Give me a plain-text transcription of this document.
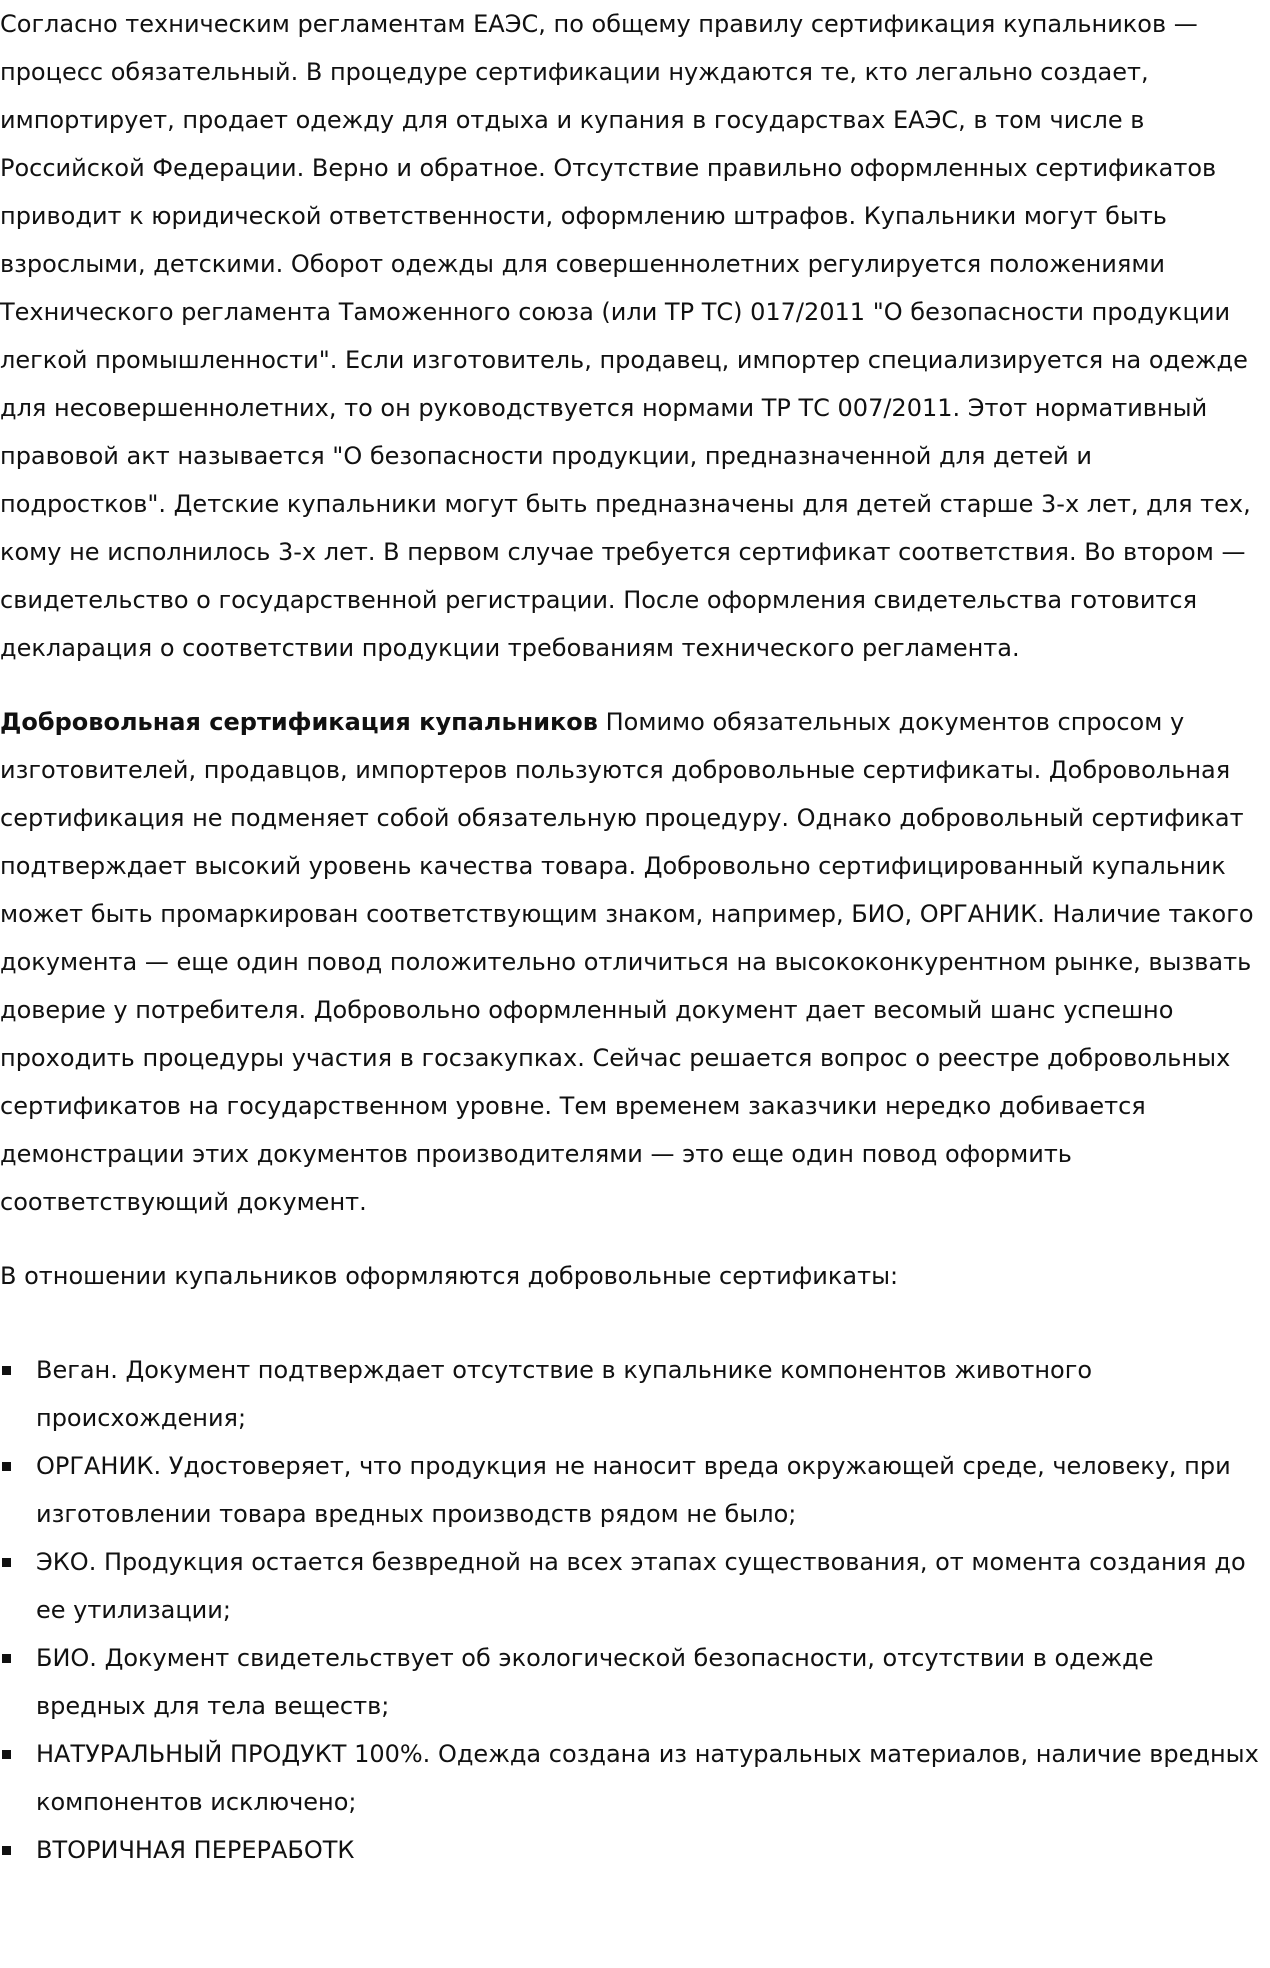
Согласно техническим регламентам ЕАЭС, по общему правилу сертификация купальников — процесс обязательный. В процедуре сертификации нуждаются те, кто легально создает, импортирует, продает одежду для отдыха и купания в государствах ЕАЭС, в том числе в Российской Федерации. Верно и обратное. Отсутствие правильно оформленных сертификатов приводит к юридической ответственности, оформлению штрафов. Купальники могут быть взрослыми, детскими. Оборот одежды для совершеннолетних регулируется положениями Технического регламента Таможенного союза (или ТР ТС) 017/2011 "О безопасности продукции легкой промышленности". Если изготовитель, продавец, импортер специализируется на одежде для несовершеннолетних, то он руководствуется нормами ТР ТС 007/2011. Этот нормативный правовой акт называется "О безопасности продукции, предназначенной для детей и подростков". Детские купальники могут быть предназначены для детей старше 3-х лет, для тех, кому не исполнилось 3-х лет. В первом случае требуется сертификат соответствия. Во втором — свидетельство о государственной регистрации. После оформления свидетельства готовится декларация о соответствии продукции требованиям технического регламента.

Добровольная сертификация купальников Помимо обязательных документов спросом у изготовителей, продавцов, импортеров пользуются добровольные сертификаты. Добровольная сертификация не подменяет собой обязательную процедуру. Однако добровольный сертификат подтверждает высокий уровень качества товара. Добровольно сертифицированный купальник может быть промаркирован соответствующим знаком, например, БИО, ОРГАНИК. Наличие такого документа — еще один повод положительно отличиться на высококонкурентном рынке, вызвать доверие у потребителя. Добровольно оформленный документ дает весомый шанс успешно проходить процедуры участия в госзакупках. Сейчас решается вопрос о реестре добровольных сертификатов на государственном уровне. Тем временем заказчики нередко добивается демонстрации этих документов производителями — это еще один повод оформить соответствующий документ.

В отношении купальников оформляются добровольные сертификаты:

Веган. Документ подтверждает отсутствие в купальнике компонентов животного происхождения;
ОРГАНИК. Удостоверяет, что продукция не наносит вреда окружающей среде, человеку, при изготовлении товара вредных производств рядом не было;
ЭКО. Продукция остается безвредной на всех этапах существования, от момента создания до ее утилизации;
БИО. Документ свидетельствует об экологической безопасности, отсутствии в одежде вредных для тела веществ;
НАТУРАЛЬНЫЙ ПРОДУКТ 100%. Одежда создана из натуральных материалов, наличие вредных компонентов исключено;
ВТОРИЧНАЯ ПЕРЕРАБОТК
